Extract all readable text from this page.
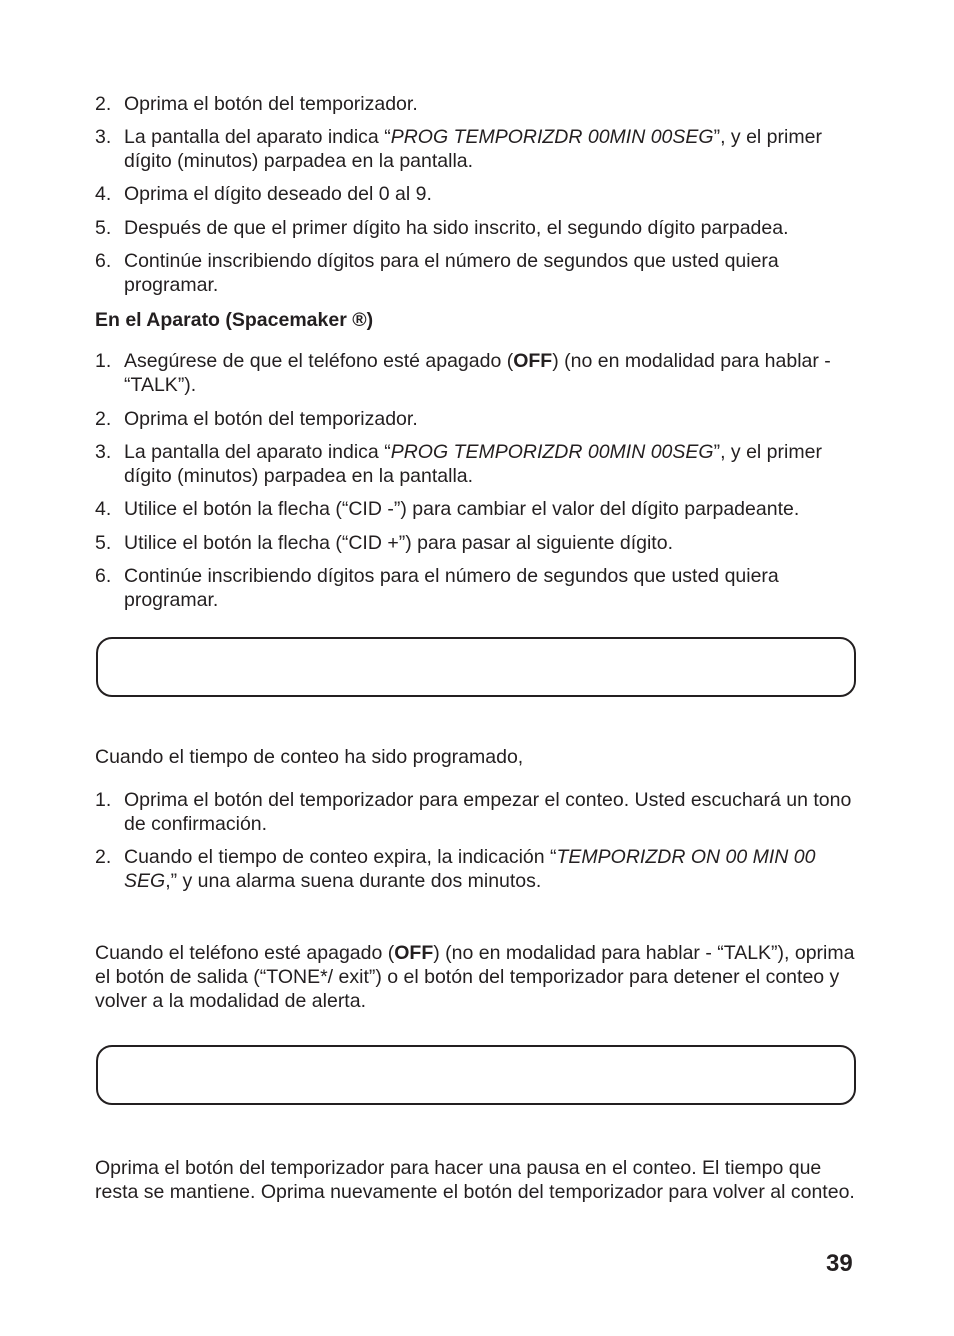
2. Oprima el botón del temporizador.
3. La pantalla del aparato indica “PROG TEMPORIZDR 00MIN 00SEG”, y el primer dígito (minutos) parpadea en la pantalla.
4. Oprima el dígito deseado del 0 al 9.
5. Después de que el primer dígito ha sido inscrito, el segundo dígito parpadea.
6. Continúe inscribiendo dígitos para el número de segundos que usted quiera programar.
En el Aparato (Spacemaker ®)
1. Asegúrese de que el teléfono esté apagado (OFF) (no en modalidad para hablar - “TALK”).
2. Oprima el botón del temporizador.
3. La pantalla del aparato indica “PROG TEMPORIZDR 00MIN 00SEG”, y el primer dígito (minutos) parpadea en la pantalla.
4. Utilice el botón la flecha (“CID -”) para cambiar el valor del dígito parpadeante.
5. Utilice el botón la flecha (“CID +”) para pasar al siguiente dígito.
6. Continúe inscribiendo dígitos para el número de segundos que usted quiera programar.
Cuando el tiempo de conteo ha sido programado,
1. Oprima el botón del temporizador para empezar el conteo. Usted escuchará un tono de confirmación.
2. Cuando el tiempo de conteo expira, la indicación “TEMPORIZDR ON 00 MIN 00 SEG,” y una alarma suena durante dos minutos.
Cuando el teléfono esté apagado (OFF) (no en modalidad para hablar - “TALK”), oprima el botón de salida (“TONE*/ exit”) o el botón del temporizador para detener el conteo y volver a la modalidad de alerta.
Oprima el botón del temporizador para hacer una pausa en el conteo. El tiempo que resta se mantiene. Oprima nuevamente el botón del temporizador para volver al conteo.
39
